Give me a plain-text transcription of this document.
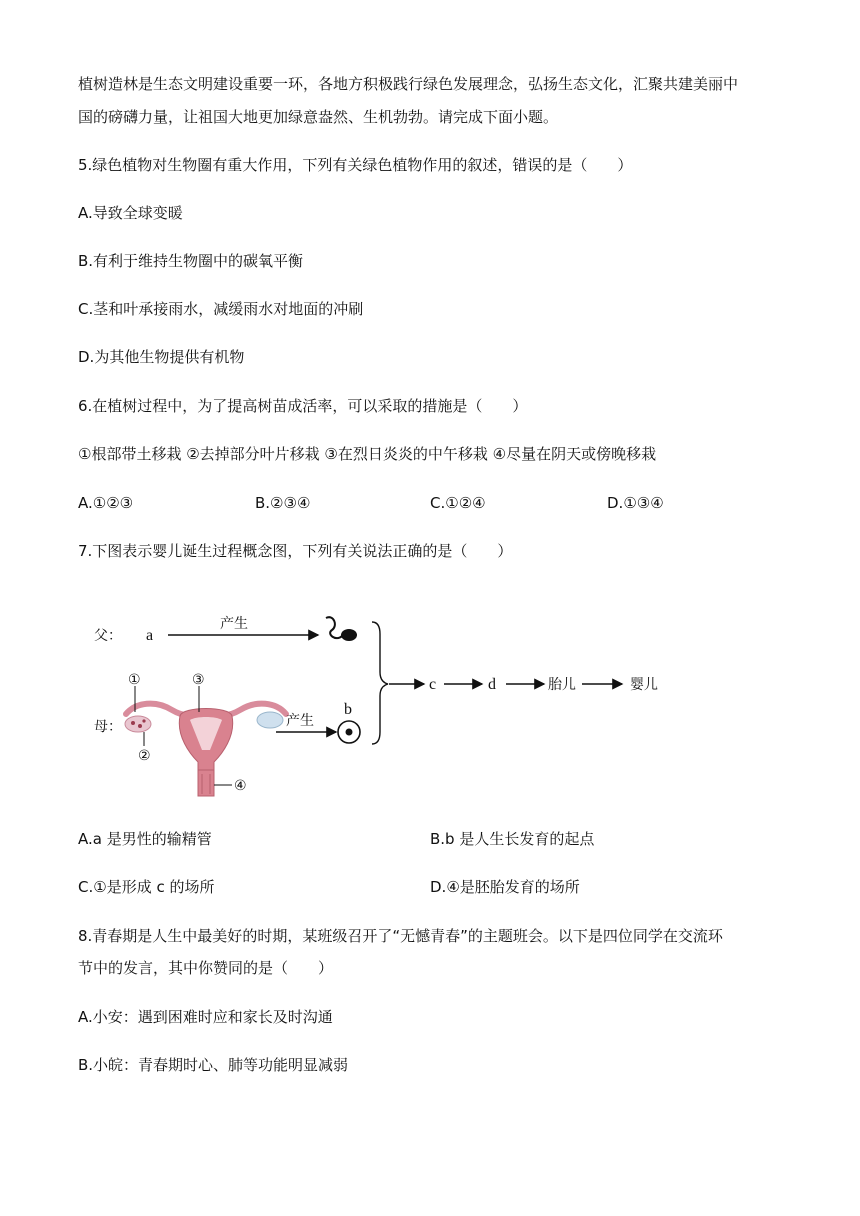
植树造林是生态文明建设重要一环，各地方积极践行绿色发展理念，弘扬生态文化，汇聚共建美丽中
国的磅礴力量，让祖国大地更加绿意盎然、生机勃勃。请完成下面小题。
5.绿色植物对生物圈有重大作用，下列有关绿色植物作用的叙述，错误的是（　　）
A.导致全球变暖
B.有利于维持生物圈中的碳氧平衡
C.茎和叶承接雨水，减缓雨水对地面的冲刷
D.为其他生物提供有机物
6.在植树过程中，为了提高树苗成活率，可以采取的措施是（　　）
①根部带土移栽 ②去掉部分叶片移栽 ③在烈日炎炎的中午移栽 ④尽量在阴天或傍晚移栽
A.①②③	B.②③④	C.①②④	D.①③④
7.下图表示婴儿诞生过程概念图，下列有关说法正确的是（　　）
父： a
产生
c	d	胎儿	婴儿
母：
①	③
②
④
产生
b
A.a 是男性的输精管	B.b 是人生长发育的起点
C.①是形成 c 的场所	D.④是胚胎发育的场所
8.青春期是人生中最美好的时期，某班级召开了“无憾青春”的主题班会。以下是四位同学在交流环
节中的发言，其中你赞同的是（　　）
A.小安：遇到困难时应和家长及时沟通
B.小皖：青春期时心、肺等功能明显减弱
